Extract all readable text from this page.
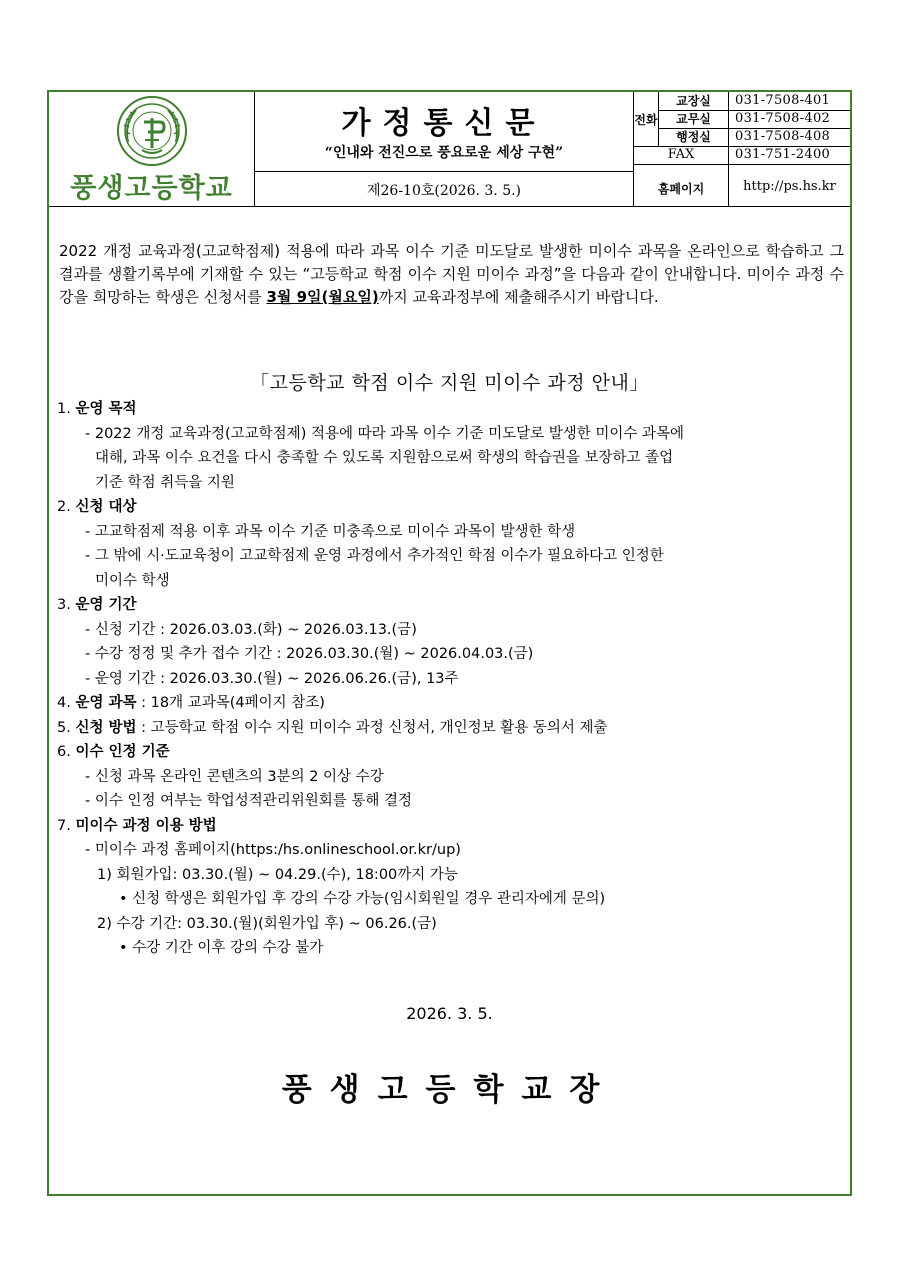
풍생고등학교
가정통신문
“인내와 전진으로 풍요로운 세상 구현”
제26-10호(2026. 3. 5.)
전화
교장실	031-7508-401
교무실	031-7508-402
행정실	031-7508-408
FAX	031-751-2400
홈페이지	http://ps.hs.kr
2022 개정 교육과정(고교학점제) 적용에 따라 과목 이수 기준 미도달로 발생한 미이수 과목을 온라인으로 학습하고 그 결과를 생활기록부에 기재할 수 있는 “고등학교 학점 이수 지원 미이수 과정”을 다음과 같이 안내합니다. 미이수 과정 수강을 희망하는 학생은 신청서를 3월 9일(월요일)까지 교육과정부에 제출해주시기 바랍니다.
「고등학교 학점 이수 지원 미이수 과정 안내」
1. 운영 목적
- 2022 개정 교육과정(고교학점제) 적용에 따라 과목 이수 기준 미도달로 발생한 미이수 과목에
대해, 과목 이수 요건을 다시 충족할 수 있도록 지원함으로써 학생의 학습권을 보장하고 졸업
기준 학점 취득을 지원
2. 신청 대상
- 고교학점제 적용 이후 과목 이수 기준 미충족으로 미이수 과목이 발생한 학생
- 그 밖에 시·도교육청이 고교학점제 운영 과정에서 추가적인 학점 이수가 필요하다고 인정한
미이수 학생
3. 운영 기간
- 신청 기간 : 2026.03.03.(화) ~ 2026.03.13.(금)
- 수강 정정 및 추가 접수 기간 : 2026.03.30.(월) ~ 2026.04.03.(금)
- 운영 기간 : 2026.03.30.(월) ~ 2026.06.26.(금), 13주
4. 운영 과목 : 18개 교과목(4페이지 참조)
5. 신청 방법 : 고등학교 학점 이수 지원 미이수 과정 신청서, 개인정보 활용 동의서 제출
6. 이수 인정 기준
- 신청 과목 온라인 콘텐츠의 3분의 2 이상 수강
- 이수 인정 여부는 학업성적관리위원회를 통해 결정
7. 미이수 과정 이용 방법
- 미이수 과정 홈페이지(https:/hs.onlineschool.or.kr/up)
1) 회원가입: 03.30.(월) ~ 04.29.(수), 18:00까지 가능
• 신청 학생은 회원가입 후 강의 수강 가능(임시회원일 경우 관리자에게 문의)
2) 수강 기간: 03.30.(월)(회원가입 후) ~ 06.26.(금)
• 수강 기간 이후 강의 수강 불가
2026. 3. 5.
풍생고등학교장
